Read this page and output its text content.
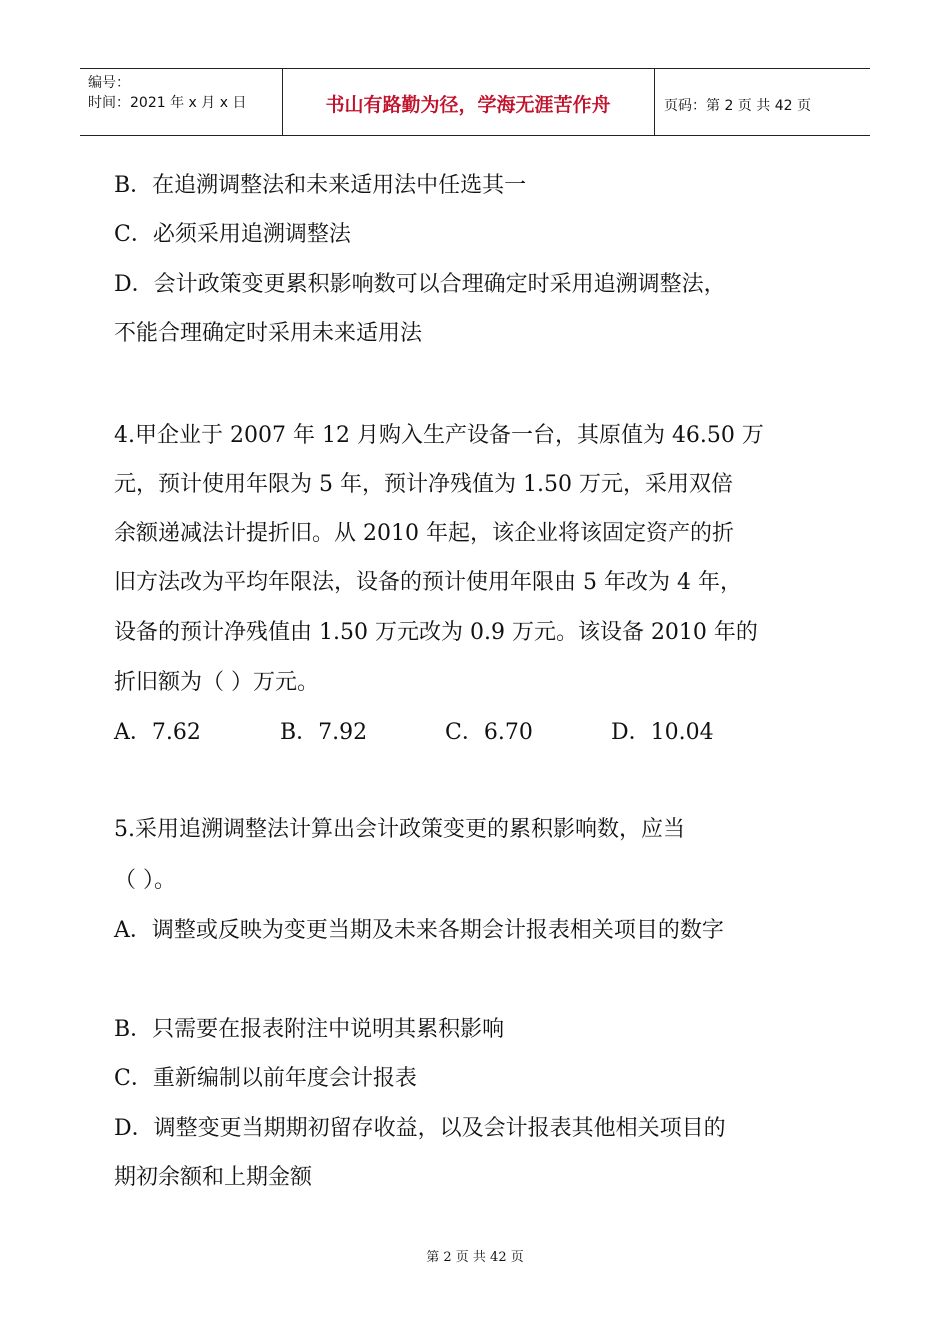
编号：
时间：2021 年 x 月 x 日	书山有路勤为径，学海无涯苦作舟	页码：第 2 页 共 42 页
B．在追溯调整法和未来适用法中任选其一
C．必须采用追溯调整法
D．会计政策变更累积影响数可以合理确定时采用追溯调整法，
不能合理确定时采用未来适用法
4.甲企业于 2007 年 12 月购入生产设备一台，其原值为 46.50 万
元，预计使用年限为 5 年，预计净残值为 1.50 万元，采用双倍
余额递减法计提折旧。从 2010 年起，该企业将该固定资产的折
旧方法改为平均年限法，设备的预计使用年限由 5 年改为 4 年，
设备的预计净残值由 1.50 万元改为 0.9 万元。该设备 2010 年的
折旧额为（ ）万元。
A．7.62	B．7.92	C．6.70	D．10.04
5.采用追溯调整法计算出会计政策变更的累积影响数，应当
（ ）。
A．调整或反映为变更当期及未来各期会计报表相关项目的数字
B．只需要在报表附注中说明其累积影响
C．重新编制以前年度会计报表
D．调整变更当期期初留存收益，以及会计报表其他相关项目的
期初余额和上期金额
第 2 页 共 42 页
